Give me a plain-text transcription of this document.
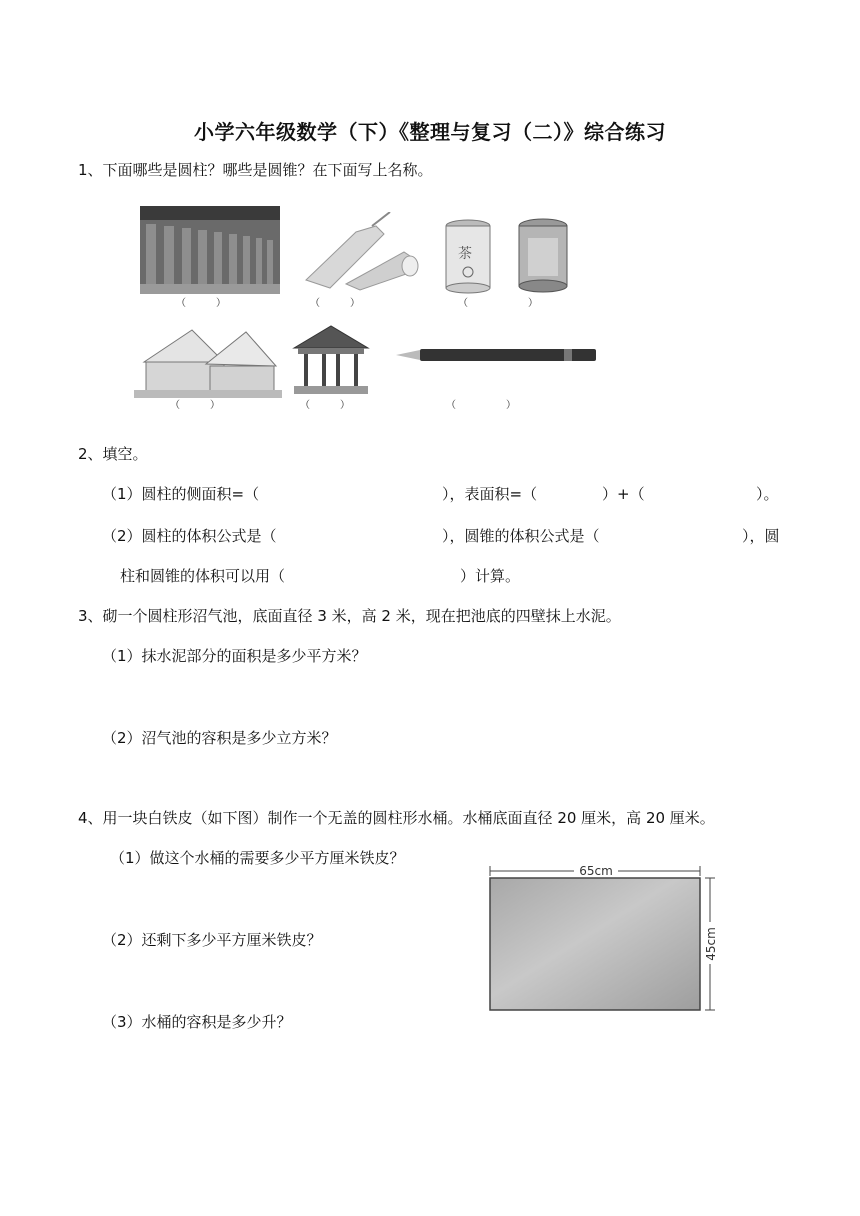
小学六年级数学（下）《整理与复习（二）》综合练习
1、下面哪些是圆柱？哪些是圆锥？在下面写上名称。
茶
（　　　）	（　　　）	（　　　　　　）
（　　　）	（　　　）	（　　　　　）
2、填空。
（1）圆柱的侧面积=（	），表面积=（	）+（	）。
（2）圆柱的体积公式是（	），圆锥的体积公式是（	），圆
柱和圆锥的体积可以用（	）计算。
3、砌一个圆柱形沼气池，底面直径 3 米，高 2 米，现在把池底的四壁抹上水泥。
（1）抹水泥部分的面积是多少平方米？
（2）沼气池的容积是多少立方米？
4、用一块白铁皮（如下图）制作一个无盖的圆柱形水桶。水桶底面直径 20 厘米，高 20 厘米。
（1）做这个水桶的需要多少平方厘米铁皮？
（2）还剩下多少平方厘米铁皮？
（3）水桶的容积是多少升？
65cm
45cm
